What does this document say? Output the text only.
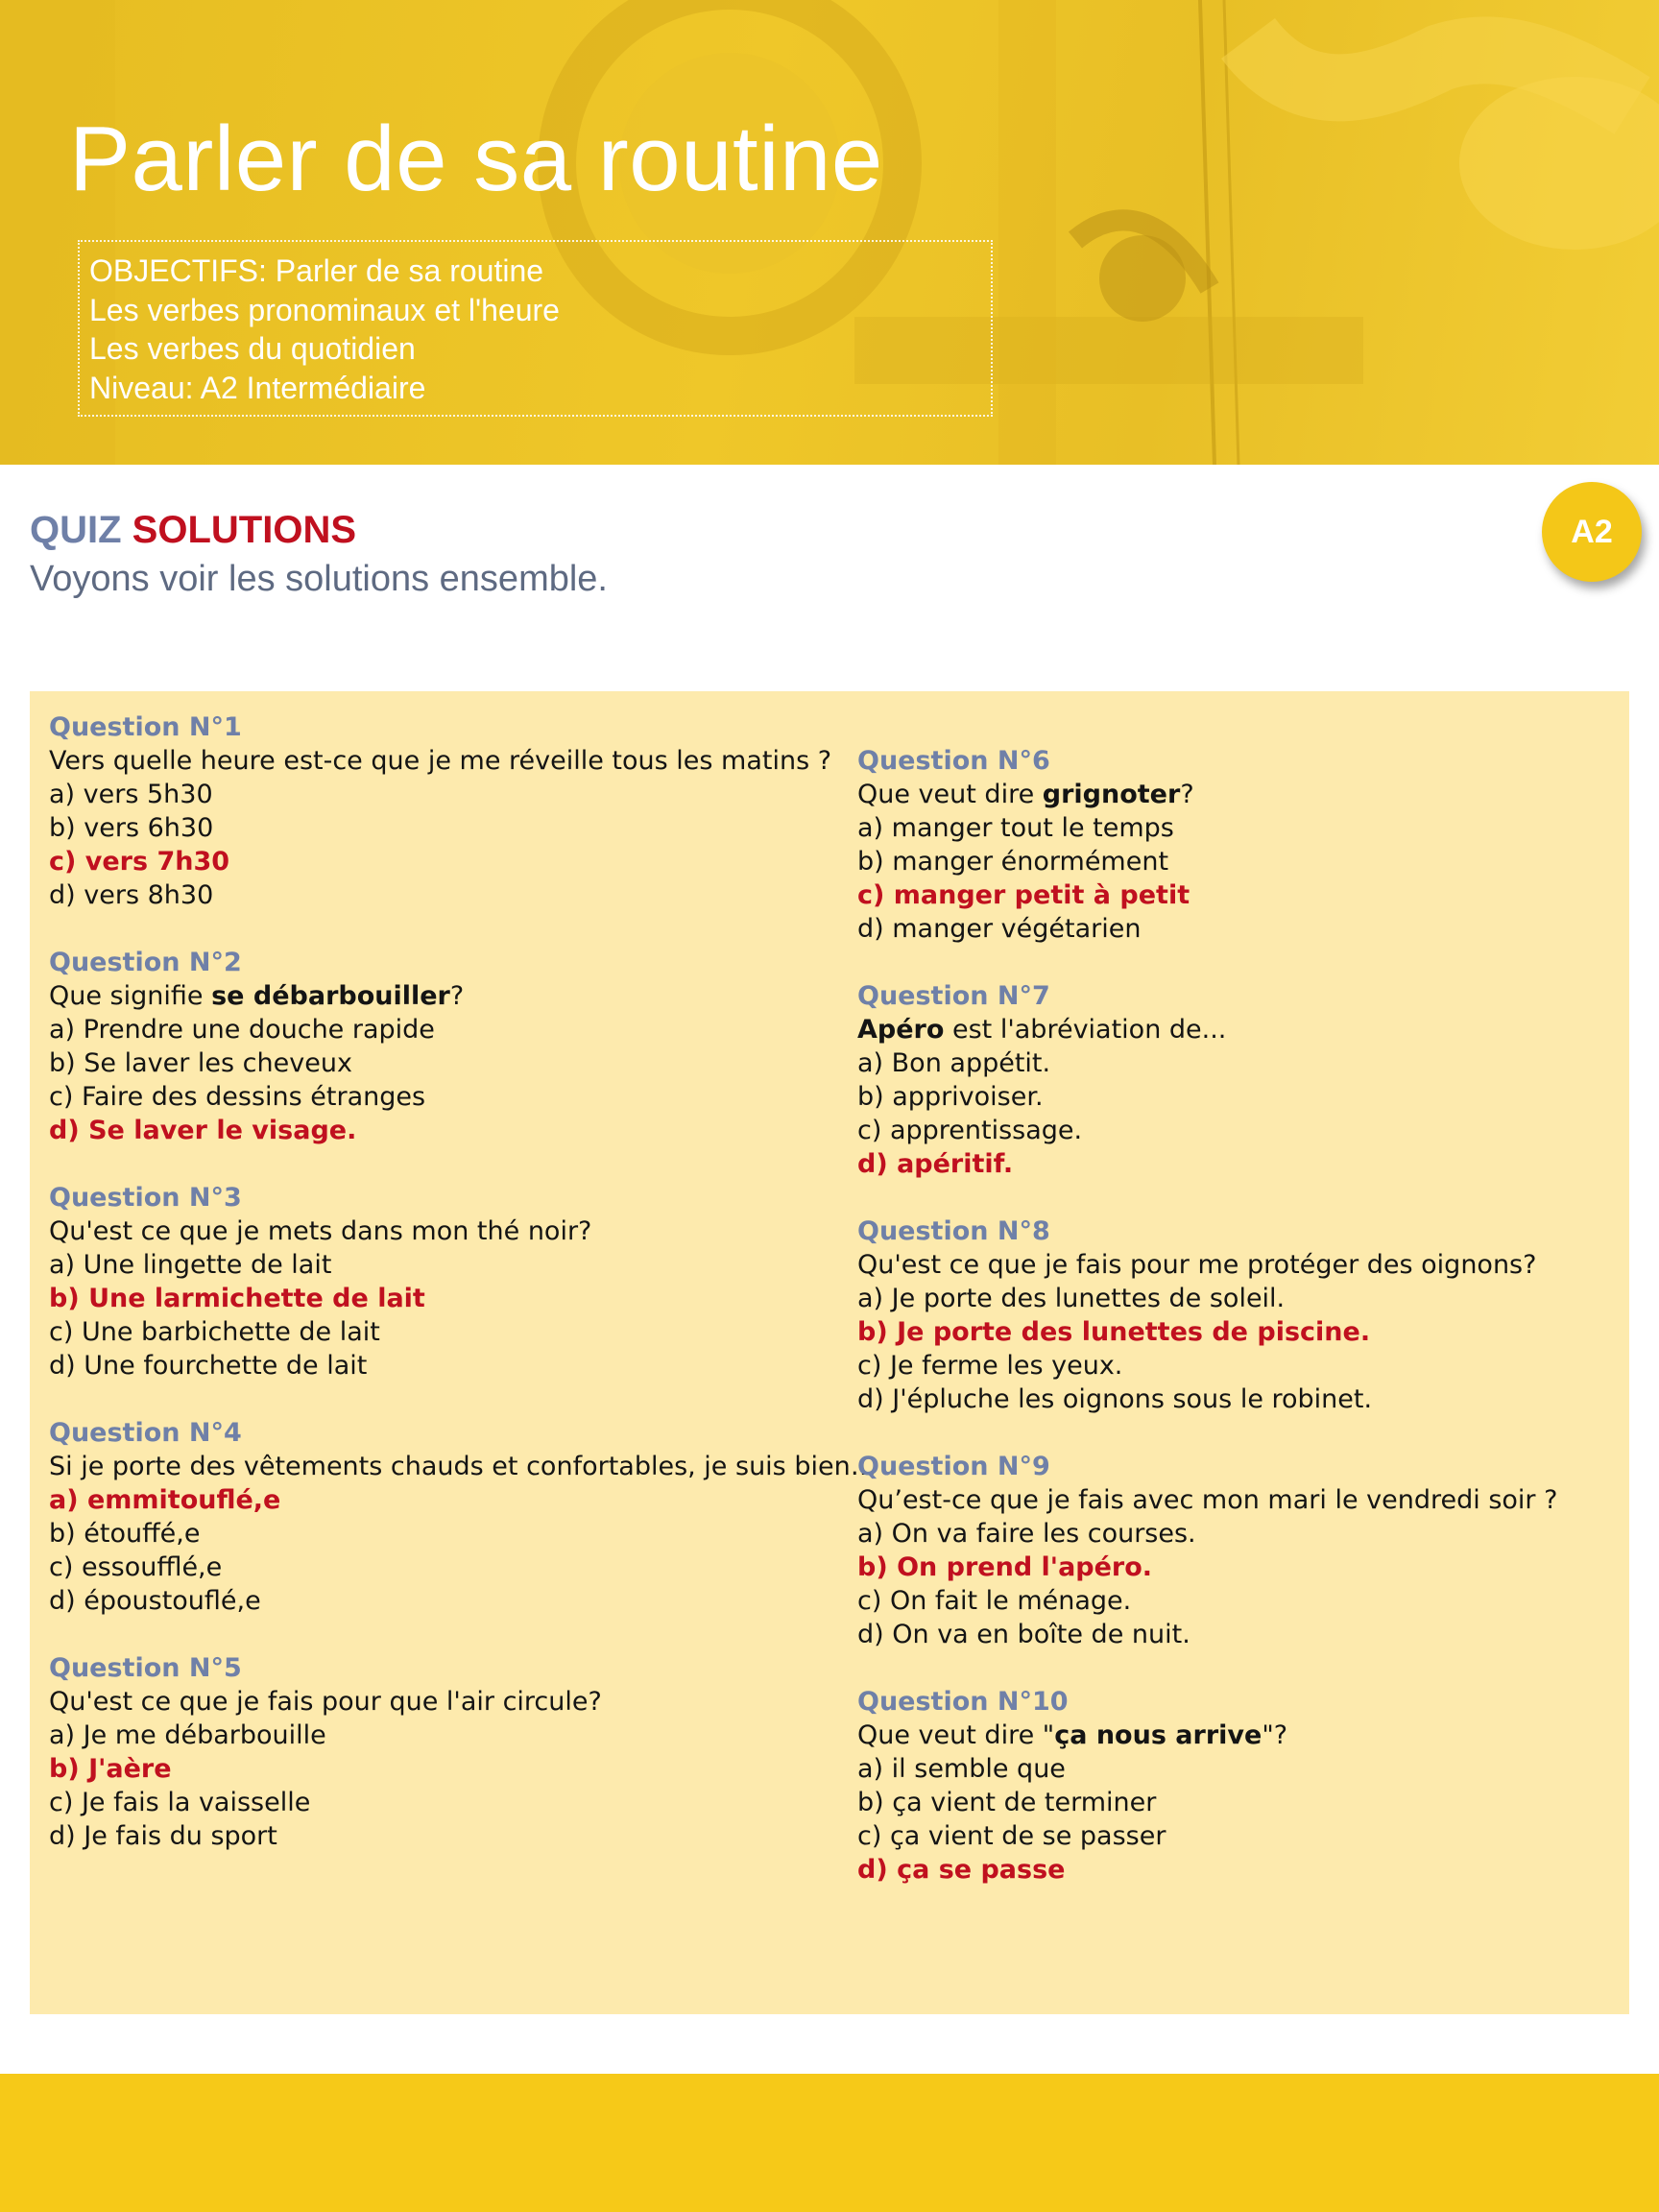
Parler de sa routine
OBJECTIFS: Parler de sa routine
Les verbes pronominaux et l'heure
Les verbes du quotidien
Niveau: A2 Intermédiaire
QUIZ SOLUTIONS
Voyons voir les solutions ensemble.
A2
Question N°1
Vers quelle heure est-ce que je me réveille tous les matins ?
a) vers 5h30
b) vers 6h30
c) vers 7h30
d) vers 8h30
Question N°2
Que signifie se débarbouiller?
a) Prendre une douche rapide
b) Se laver les cheveux
c) Faire des dessins étranges
d) Se laver le visage.
Question N°3
Qu'est ce que je mets dans mon thé noir?
a) Une lingette de lait
b) Une larmichette de lait
c) Une barbichette de lait
d) Une fourchette de lait
Question N°4
Si je porte des vêtements chauds et confortables, je suis bien…
a) emmitouflé,e
b) étouffé,e
c) essoufflé,e
d) époustouflé,e
Question N°5
Qu'est ce que je fais pour que l'air circule?
a) Je me débarbouille
b) J'aère
c) Je fais la vaisselle
d) Je fais du sport
Question N°6
Que veut dire grignoter?
a) manger tout le temps
b) manger énormément
c) manger petit à petit
d) manger végétarien
Question N°7
Apéro est l'abréviation de...
a) Bon appétit.
b) apprivoiser.
c) apprentissage.
d) apéritif.
Question N°8
Qu'est ce que je fais pour me protéger des oignons?
a) Je porte des lunettes de soleil.
b) Je porte des lunettes de piscine.
c) Je ferme les yeux.
d) J'épluche les oignons sous le robinet.
Question N°9
Qu’est-ce que je fais avec mon mari le vendredi soir ?
a) On va faire les courses.
b) On prend l'apéro.
c) On fait le ménage.
d) On va en boîte de nuit.
Question N°10
Que veut dire "ça nous arrive"?
a) il semble que
b) ça vient de terminer
c) ça vient de se passer
d) ça se passe
